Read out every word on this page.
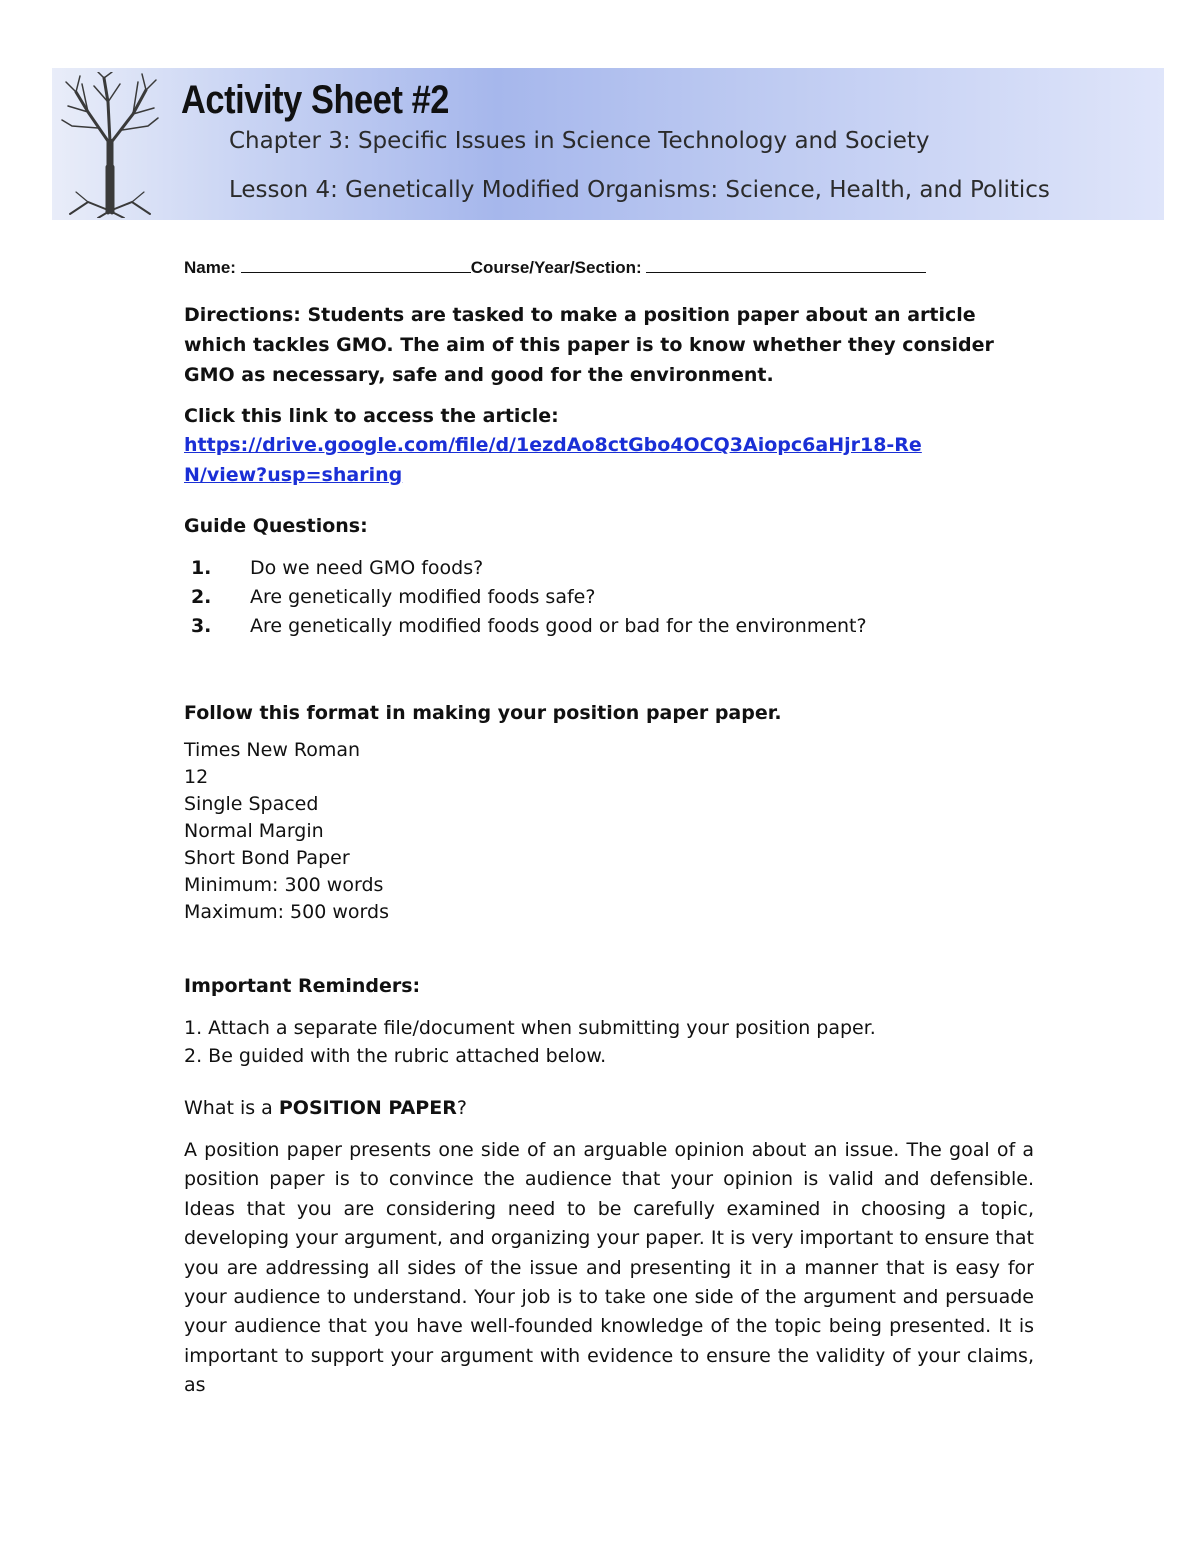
Activity Sheet #2
Chapter 3: Specific Issues in Science Technology and Society
Lesson 4: Genetically Modified Organisms: Science, Health, and Politics
Name:	Course/Year/Section:

Directions: Students are tasked to make a position paper about an article which tackles GMO. The aim of this paper is to know whether they consider GMO as necessary, safe and good for the environment.

Click this link to access the article:

https://drive.google.com/file/d/1ezdAo8ctGbo4OCQ3Aiopc6aHjr18-ReN/view?usp=sharing

Guide Questions:

1. Do we need GMO foods?
2. Are genetically modified foods safe?
3. Are genetically modified foods good or bad for the environment?

Follow this format in making your position paper paper.

Times New Roman
12
Single Spaced
Normal Margin
Short Bond Paper
Minimum: 300 words
Maximum: 500 words

Important Reminders:

1. Attach a separate file/document when submitting your position paper.
2. Be guided with the rubric attached below.

What is a POSITION PAPER?

A position paper presents one side of an arguable opinion about an issue. The goal of a position paper is to convince the audience that your opinion is valid and defensible. Ideas that you are considering need to be carefully examined in choosing a topic, developing your argument, and organizing your paper. It is very important to ensure that you are addressing all sides of the issue and presenting it in a manner that is easy for your audience to understand. Your job is to take one side of the argument and persuade your audience that you have well-founded knowledge of the topic being presented. It is important to support your argument with evidence to ensure the validity of your claims, as
